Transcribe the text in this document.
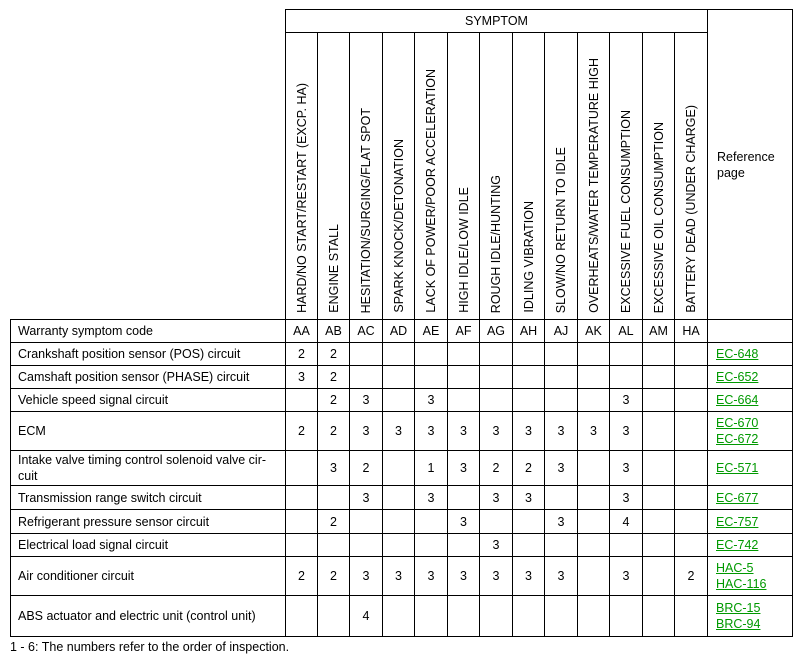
	SYMPTOM													Reference page

	HARD/NO START/RESTART (EXCP. HA)	ENGINE STALL	HESITATION/SURGING/FLAT SPOT	SPARK KNOCK/DETONATION	LACK OF POWER/POOR ACCELERATION	HIGH IDLE/LOW IDLE	ROUGH IDLE/HUNTING	IDLING VIBRATION	SLOW/NO RETURN TO IDLE	OVERHEATS/WATER TEMPERATURE HIGH	EXCESSIVE FUEL CONSUMPTION	EXCESSIVE OIL CONSUMPTION	BATTERY DEAD (UNDER CHARGE)	

Warranty symptom code	AA	AB	AC	AD	AE	AF	AG	AH	AJ	AK	AL	AM	HA	
Crankshaft position sensor (POS) circuit	2	2												EC-648

Camshaft position sensor (PHASE) circuit	3	2												EC-652

Vehicle speed signal circuit		2	3		3						3			EC-664

ECM	2	2	3	3	3	3	3	3	3	3	3			EC-670
EC-672

Intake valve timing control solenoid valve cir-cuit		3	2		1	3	2	2	3		3			EC-571

Transmission range switch circuit			3		3		3	3			3			EC-677

Refrigerant pressure sensor circuit		2				3			3		4			EC-757

Electrical load signal circuit							3							EC-742

Air conditioner circuit	2	2	3	3	3	3	3	3	3		3		2	HAC-5
HAC-116

ABS actuator and electric unit (control unit)			4											BRC-15
BRC-94
1 - 6: The numbers refer to the order of inspection.
